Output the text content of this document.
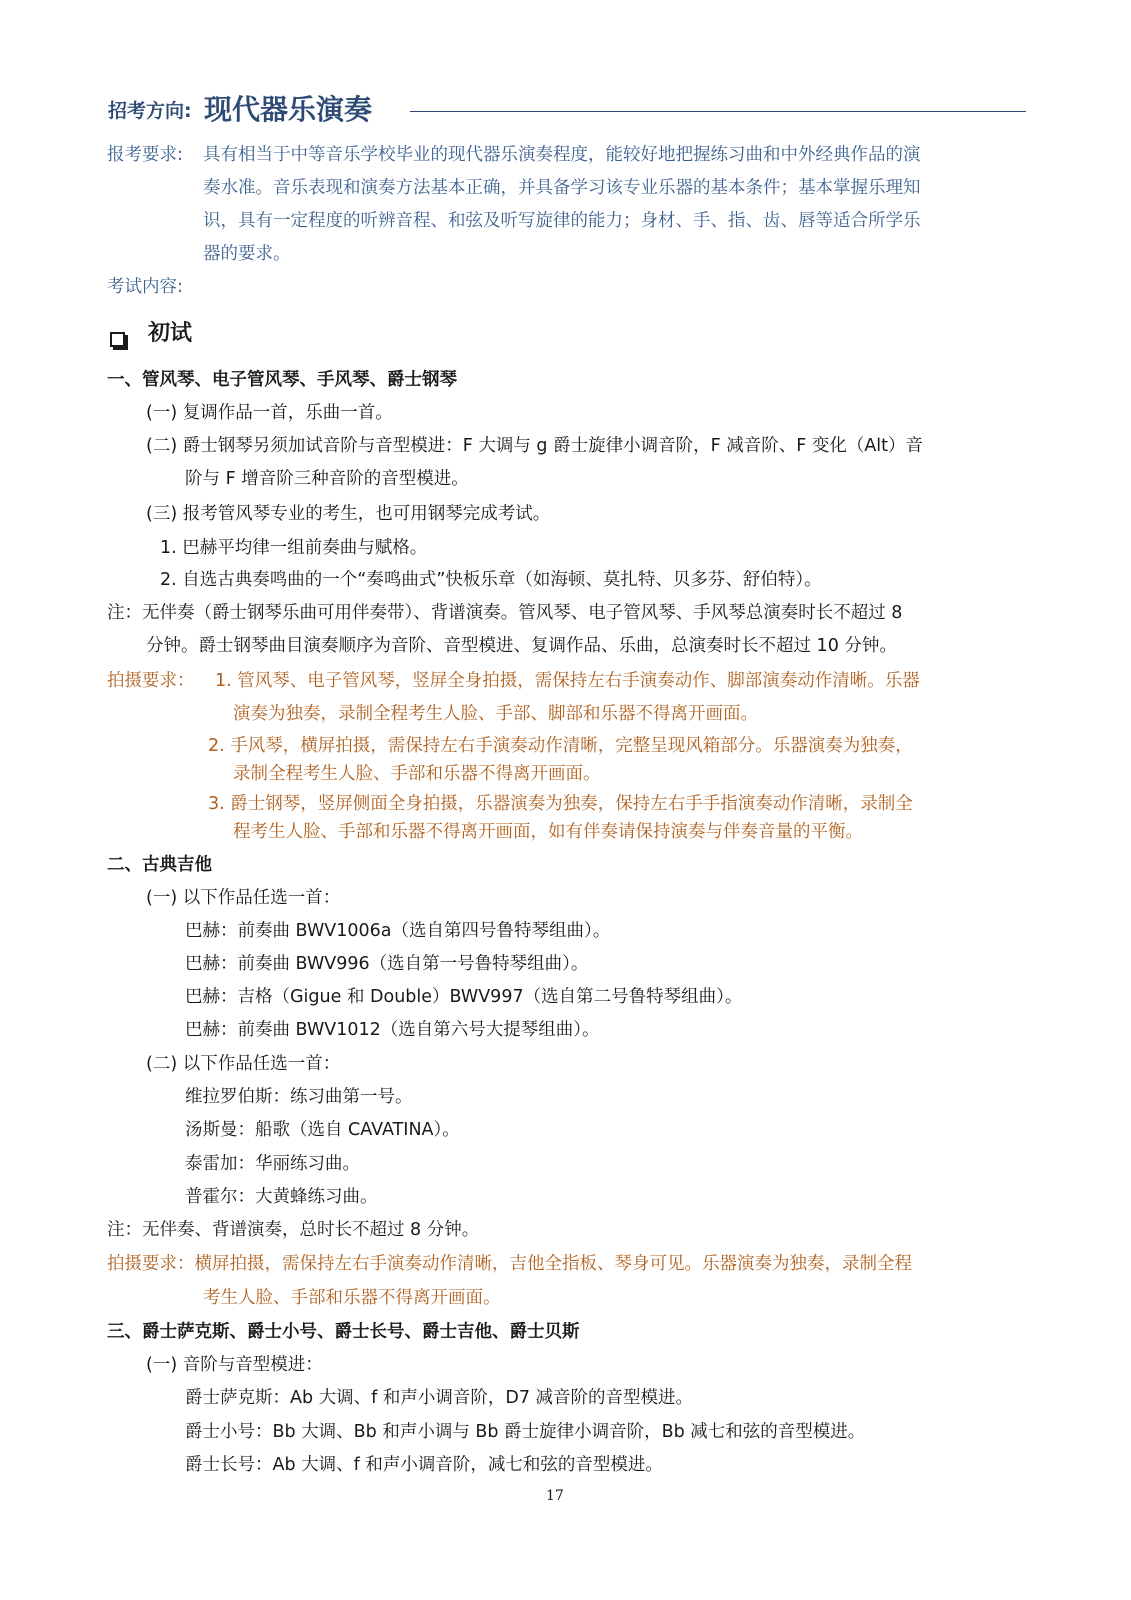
招考方向: 现代器乐演奏
报考要求: 具有相当于中等音乐学校毕业的现代器乐演奏程度，能较好地把握练习曲和中外经典作品的演
奏水准。音乐表现和演奏方法基本正确，并具备学习该专业乐器的基本条件；基本掌握乐理知
识，具有一定程度的听辨音程、和弦及听写旋律的能力；身材、手、指、齿、唇等适合所学乐
器的要求。
考试内容:
初试
一、管风琴、电子管风琴、手风琴、爵士钢琴
(一) 复调作品一首，乐曲一首。
(二) 爵士钢琴另须加试音阶与音型模进：F 大调与 g 爵士旋律小调音阶，F 减音阶、F 变化（Alt）音
阶与 F 增音阶三种音阶的音型模进。
(三) 报考管风琴专业的考生，也可用钢琴完成考试。
1. 巴赫平均律一组前奏曲与赋格。
2. 自选古典奏鸣曲的一个“奏鸣曲式”快板乐章（如海顿、莫扎特、贝多芬、舒伯特）。
注：无伴奏（爵士钢琴乐曲可用伴奏带）、背谱演奏。管风琴、电子管风琴、手风琴总演奏时长不超过 8
分钟。爵士钢琴曲目演奏顺序为音阶、音型模进、复调作品、乐曲，总演奏时长不超过 10 分钟。
拍摄要求： 1. 管风琴、电子管风琴，竖屏全身拍摄，需保持左右手演奏动作、脚部演奏动作清晰。乐器
演奏为独奏，录制全程考生人脸、手部、脚部和乐器不得离开画面。
2. 手风琴，横屏拍摄，需保持左右手演奏动作清晰，完整呈现风箱部分。乐器演奏为独奏，
录制全程考生人脸、手部和乐器不得离开画面。
3. 爵士钢琴，竖屏侧面全身拍摄，乐器演奏为独奏，保持左右手手指演奏动作清晰，录制全
程考生人脸、手部和乐器不得离开画面，如有伴奏请保持演奏与伴奏音量的平衡。
二、古典吉他
(一) 以下作品任选一首：
巴赫：前奏曲 BWV1006a（选自第四号鲁特琴组曲）。
巴赫：前奏曲 BWV996（选自第一号鲁特琴组曲）。
巴赫：吉格（Gigue 和 Double）BWV997（选自第二号鲁特琴组曲）。
巴赫：前奏曲 BWV1012（选自第六号大提琴组曲）。
(二) 以下作品任选一首：
维拉罗伯斯：练习曲第一号。
汤斯曼：船歌（选自 CAVATINA）。
泰雷加：华丽练习曲。
普霍尔：大黄蜂练习曲。
注：无伴奏、背谱演奏，总时长不超过 8 分钟。
拍摄要求：横屏拍摄，需保持左右手演奏动作清晰，吉他全指板、琴身可见。乐器演奏为独奏，录制全程
考生人脸、手部和乐器不得离开画面。
三、爵士萨克斯、爵士小号、爵士长号、爵士吉他、爵士贝斯
(一) 音阶与音型模进：
爵士萨克斯：Ab 大调、f 和声小调音阶，D7 减音阶的音型模进。
爵士小号：Bb 大调、Bb 和声小调与 Bb 爵士旋律小调音阶，Bb 减七和弦的音型模进。
爵士长号：Ab 大调、f 和声小调音阶，减七和弦的音型模进。
17
